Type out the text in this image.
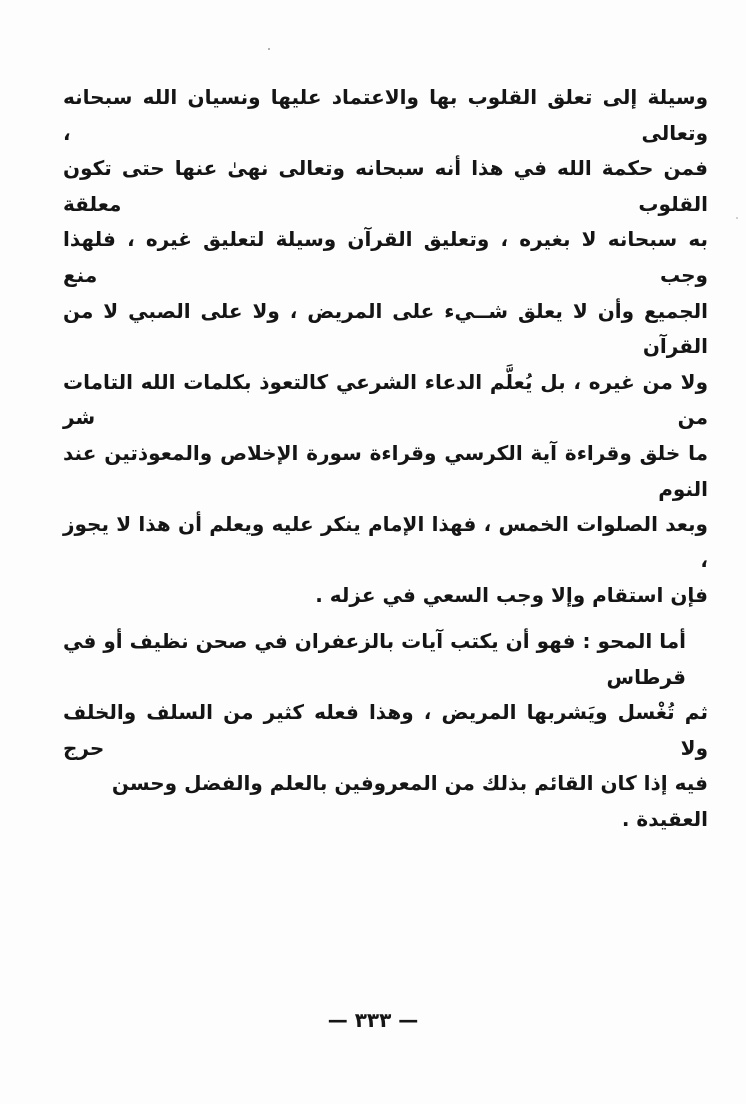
وسيلة إلى تعلق القلوب بها والاعتماد عليها ونسيان الله سبحانه وتعالى ،
فمن حكمة الله في هذا أنه سبحانه وتعالى نهىٰ عنها حتى تكون القلوب معلقة
به سبحانه لا بغيره ، وتعليق القرآن وسيلة لتعليق غيره ، فلهذا وجب منع
الجميع وأن لا يعلق شــيء على المريض ، ولا على الصبي لا من القرآن
ولا من غيره ، بل يُعلَّم الدعاء الشرعي كالتعوذ بكلمات الله التامات من شر
ما خلق وقراءة آية الكرسي وقراءة سورة الإخلاص والمعوذتين عند النوم
وبعد الصلوات الخمس ، فهذا الإمام ينكر عليه ويعلم أن هذا لا يجوز ،
فإن استقام وإلا وجب السعي في عزله .
أما المحو : فهو أن يكتب آيات بالزعفران في صحن نظيف أو في قرطاس
ثم تُغْسل ويَشربها المريض ، وهذا فعله كثير من السلف والخلف ولا حرج
فيه إذا كان القائم بذلك من المعروفين بالعلم والفضل وحسن العقيدة .
— ٣٣٣ —
